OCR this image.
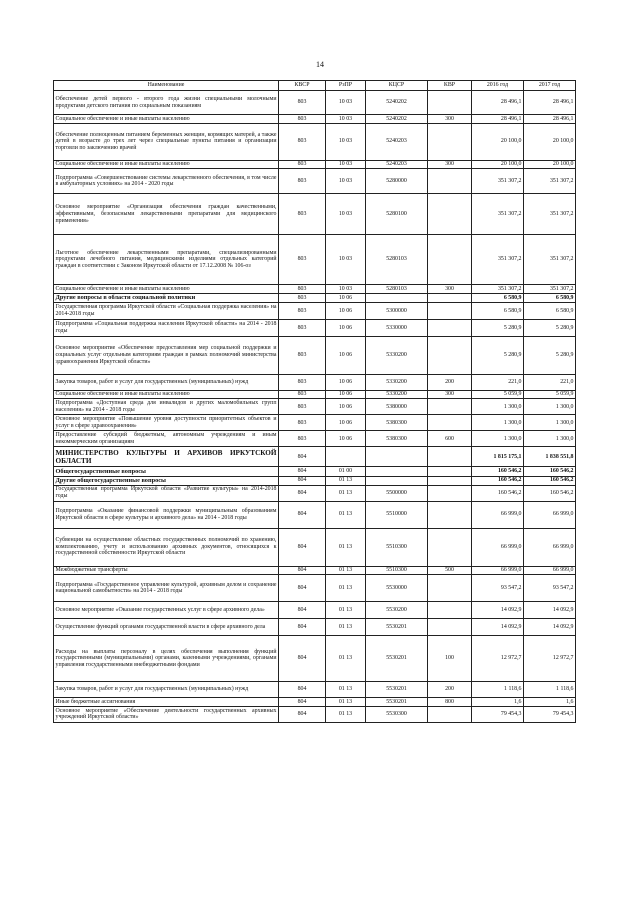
14
Наименование	КВСР	РзПР	КЦСР	КВР	2016 год	2017 год
Обеспечение детей первого - второго года жизни специальными молочными продуктами детского питания по социальным показаниям	803	10 03	5240202		28 496,1	28 496,1
Социальное обеспечение и иные выплаты населению	803	10 03	5240202	300	28 496,1	28 496,1
Обеспечение полноценным питанием беременных женщин, кормящих матерей, а также детей в возрасте до трех лет через специальные пункты питания и организации торговли по заключению врачей	803	10 03	5240203		20 100,0	20 100,0
Социальное обеспечение и иные выплаты населению	803	10 03	5240203	300	20 100,0	20 100,0
Подпрограмма «Совершенствование системы лекарственного обеспечения, в том числе в амбулаторных условиях» на 2014 - 2020 годы	803	10 03	5280000		351 307,2	351 307,2
Основное мероприятие «Организация обеспечения граждан качественными, эффективными, безопасными лекарственными препаратами для медицинского применения»	803	10 03	5280100		351 307,2	351 307,2
Льготное обеспечение лекарственными препаратами, специализированными продуктами лечебного питания, медицинскими изделиями отдельных категорий граждан в соответствии с Законом Иркутской области от 17.12.2008 № 106-оз	803	10 03	5280103		351 307,2	351 307,2
Социальное обеспечение и иные выплаты населению	803	10 03	5280103	300	351 307,2	351 307,2
Другие вопросы в области социальной политики	803	10 06			6 580,9	6 580,9
Государственная программа Иркутской области «Социальная поддержка населения» на 2014-2018 годы	803	10 06	5300000		6 580,9	6 580,9
Подпрограмма «Социальная поддержка населения Иркутской области» на 2014 - 2018 годы	803	10 06	5330000		5 280,9	5 280,9
Основное мероприятие «Обеспечение предоставления мер социальной поддержки и социальных услуг отдельным категориям граждан в рамках полномочий министерства здравоохранения Иркутской области»	803	10 06	5330200		5 280,9	5 280,9
Закупка товаров, работ и услуг для государственных (муниципальных) нужд	803	10 06	5330200	200	221,0	221,0
Социальное обеспечение и иные выплаты населению	803	10 06	5330200	300	5 059,9	5 059,9
Подпрограмма «Доступная среда для инвалидов и других маломобильных групп населения» на 2014 - 2018 годы	803	10 06	5380000		1 300,0	1 300,0
Основное мероприятие «Повышение уровня доступности приоритетных объектов и услуг в сфере здравоохранения»	803	10 06	5380300		1 300,0	1 300,0
Предоставление субсидий бюджетным, автономным учреждениям и иным некоммерческим организациям	803	10 06	5380300	600	1 300,0	1 300,0
МИНИСТЕРСТВО КУЛЬТУРЫ И АРХИВОВ ИРКУТСКОЙ ОБЛАСТИ	804				1 815 175,1	1 838 551,8
Общегосударственные вопросы	804	01 00			160 546,2	160 546,2
Другие общегосударственные вопросы	804	01 13			160 546,2	160 546,2
Государственная программа Иркутской области «Развитие культуры» на 2014-2018 годы	804	01 13	5500000		160 546,2	160 546,2
Подпрограмма «Оказание финансовой поддержки муниципальным образованиям Иркутской области в сфере культуры и архивного дела» на 2014 - 2018 годы	804	01 13	5510000		66 999,0	66 999,0
Субвенции на осуществление областных государственных полномочий по хранению, комплектованию, учету и использованию архивных документов, относящихся к государственной собственности Иркутской области	804	01 13	5510300		66 999,0	66 999,0
Межбюджетные трансферты	804	01 13	5510300	500	66 999,0	66 999,0
Подпрограмма «Государственное управление культурой, архивным делом и сохранение национальной самобытности» на 2014 - 2018 годы	804	01 13	5530000		93 547,2	93 547,2
Основное мероприятие «Оказание государственных услуг в сфере архивного дела»	804	01 13	5530200		14 092,9	14 092,9
Осуществление функций органами государственной власти в сфере архивного дела	804	01 13	5530201		14 092,9	14 092,9
Расходы на выплаты персоналу в целях обеспечения выполнения функций государственными (муниципальными) органами, казенными учреждениями, органами управления государственными внебюджетными фондами	804	01 13	5530201	100	12 972,7	12 972,7
Закупка товаров, работ и услуг для государственных (муниципальных) нужд	804	01 13	5530201	200	1 118,6	1 118,6
Иные бюджетные ассигнования	804	01 13	5530201	800	1,6	1,6
Основное мероприятие «Обеспечение деятельности государственных архивных учреждений Иркутской области»	804	01 13	5530300		79 454,3	79 454,3
